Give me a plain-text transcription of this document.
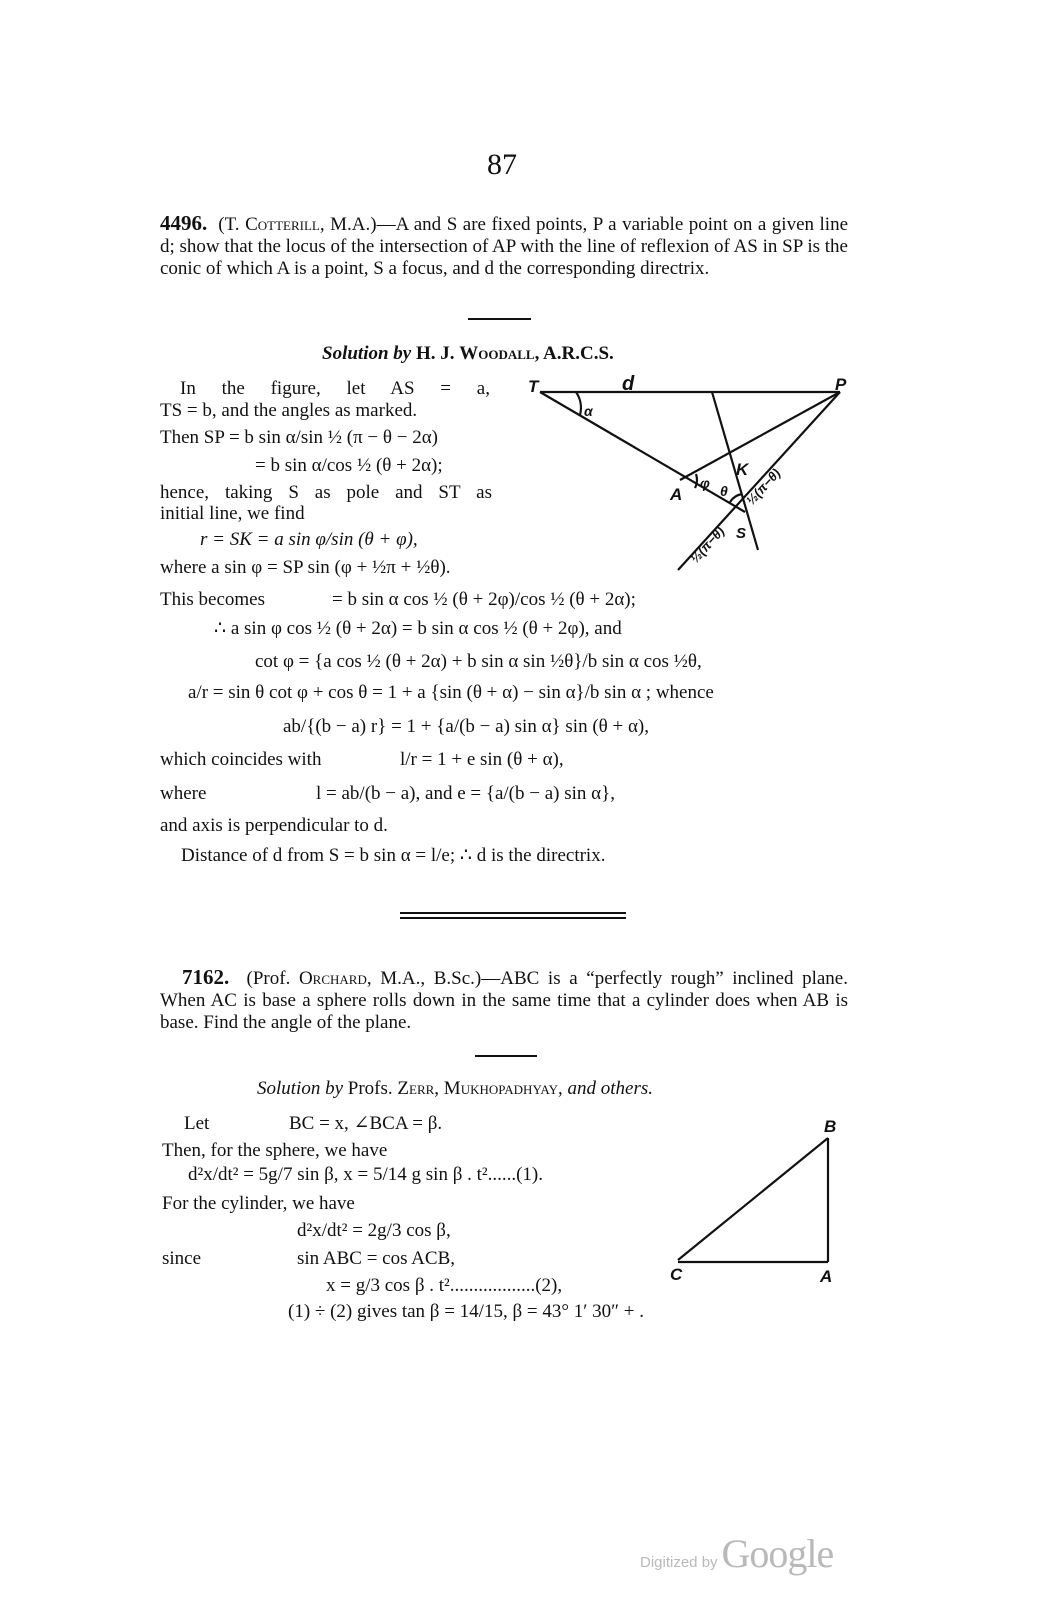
87
4496. (T. Cotterill, M.A.)—A and S are fixed points, P a variable point on a given line d; show that the locus of the intersection of AP with the line of reflexion of AS in SP is the conic of which A is a point, S a focus, and d the corresponding directrix.
Solution by H. J. Woodall, A.R.C.S.
In the figure, let AS = a,
TS = b, and the angles as marked.
Then SP = b sin α/sin ½ (π − θ − 2α)
= b sin α/cos ½ (θ + 2α);
hence, taking S as pole and ST as
initial line, we find
r = SK = a sin φ/sin (θ + φ),
where a sin φ = SP sin (φ + ½π + ½θ).
This becomes	= b sin α cos ½ (θ + 2φ)/cos ½ (θ + 2α);
∴ a sin φ cos ½ (θ + 2α) = b sin α cos ½ (θ + 2φ), and
cot φ = {a cos ½ (θ + 2α) + b sin α sin ½θ}/b sin α cos ½θ,
a/r = sin θ cot φ + cos θ = 1 + a {sin (θ + α) − sin α}/b sin α ; whence
ab/{(b − a) r} = 1 + {a/(b − a) sin α} sin (θ + α),
which coincides with	l/r = 1 + e sin (θ + α),
where	l = ab/(b − a), and e = {a/(b − a) sin α},
and axis is perpendicular to d.
Distance of d from S = b sin α = l/e; ∴ d is the directrix.
T	d	P
α
A
φ θ
K
S
½(π−θ)
½(π−θ)
7162. (Prof. Orchard, M.A., B.Sc.)—ABC is a “perfectly rough” inclined plane. When AC is base a sphere rolls down in the same time that a cylinder does when AB is base. Find the angle of the plane.
Solution by Profs. Zerr, Mukhopadhyay, and others.
Let	BC = x, ∠BCA = β.
Then, for the sphere, we have
d²x/dt² = 5g/7 sin β, x = 5/14 g sin β . t²......(1).
For the cylinder, we have
d²x/dt² = 2g/3 cos β,
since	sin ABC = cos ACB,
x = g/3 cos β . t²..................(2),
(1) ÷ (2) gives tan β = 14/15, β = 43° 1′ 30″ + .
B
C	A
Digitized by Google
